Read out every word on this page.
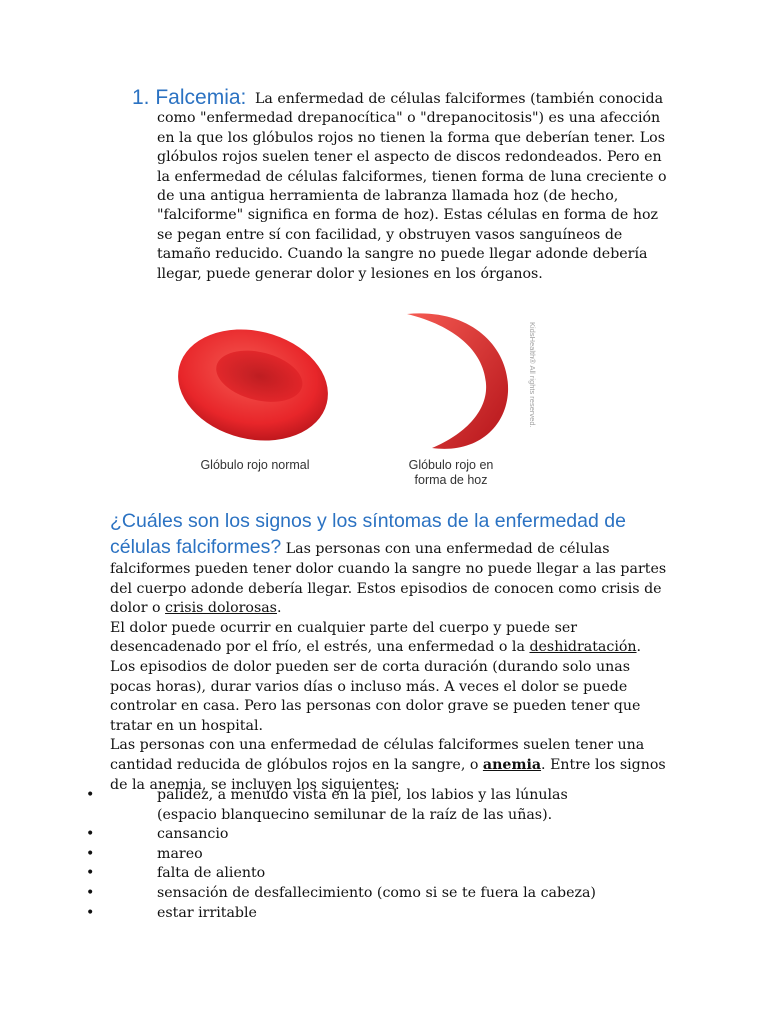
1. Falcemia: La enfermedad de células falciformes (también conocida como "enfermedad drepanocítica" o "drepanocitosis") es una afección en la que los glóbulos rojos no tienen la forma que deberían tener. Los glóbulos rojos suelen tener el aspecto de discos redondeados. Pero en la enfermedad de células falciformes, tienen forma de luna creciente o de una antigua herramienta de labranza llamada hoz (de hecho, "falciforme" significa en forma de hoz). Estas células en forma de hoz se pegan entre sí con facilidad, y obstruyen vasos sanguíneos de tamaño reducido. Cuando la sangre no puede llegar adonde debería llegar, puede generar dolor y lesiones en los órganos.

KidsHealth® All rights reserved.
Glóbulo rojo normal	Glóbulo rojo en
forma de hoz

¿Cuáles son los signos y los síntomas de la enfermedad de células falciformes? Las personas con una enfermedad de células falciformes pueden tener dolor cuando la sangre no puede llegar a las partes del cuerpo adonde debería llegar. Estos episodios de conocen como crisis de dolor o crisis dolorosas.

El dolor puede ocurrir en cualquier parte del cuerpo y puede ser desencadenado por el frío, el estrés, una enfermedad o la deshidratación. Los episodios de dolor pueden ser de corta duración (durando solo unas pocas horas), durar varios días o incluso más. A veces el dolor se puede controlar en casa. Pero las personas con dolor grave se pueden tener que tratar en un hospital.

Las personas con una enfermedad de células falciformes suelen tener una cantidad reducida de glóbulos rojos en la sangre, o anemia. Entre los signos de la anemia, se incluyen los siguientes:

•	palidez, a menudo vista en la piel, los labios y las lúnulas (espacio blanquecino semilunar de la raíz de las uñas).

•	cansancio

•	mareo

•	falta de aliento

•	sensación de desfallecimiento (como si se te fuera la cabeza)

•	estar irritable
